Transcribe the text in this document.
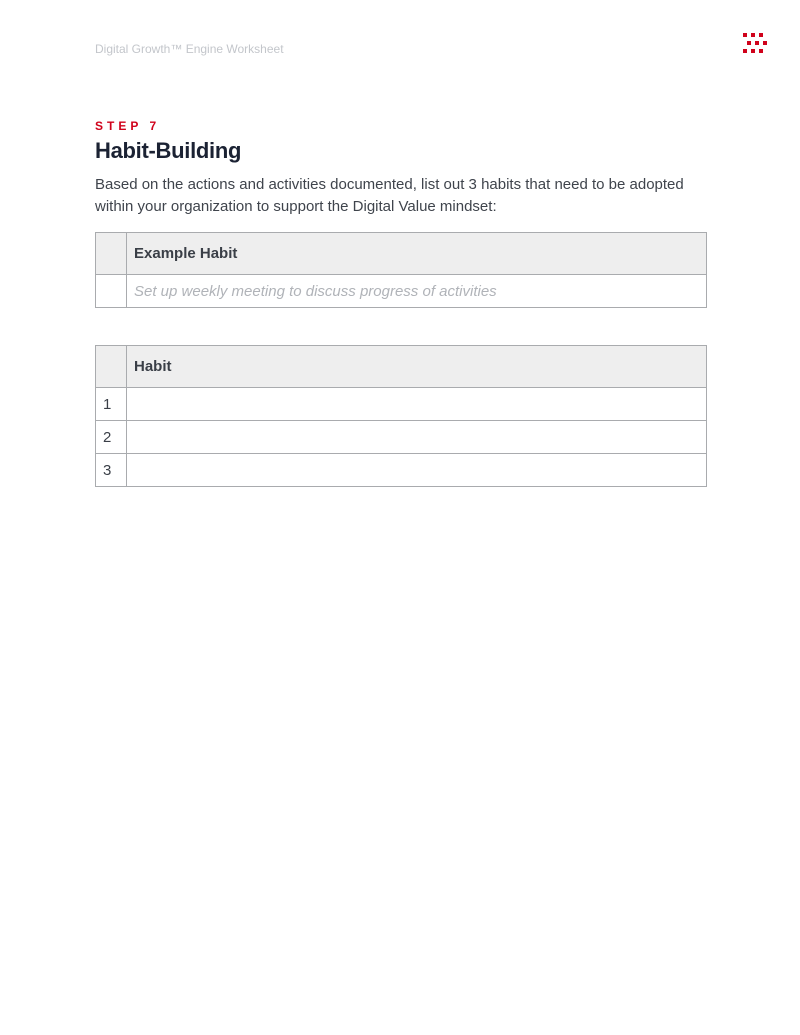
Digital Growth™ Engine Worksheet
STEP 7
Habit-Building
Based on the actions and activities documented, list out 3 habits that need to be adopted within your organization to support the Digital Value mindset:
	Example Habit
	Set up weekly meeting to discuss progress of activities
	Habit
1	
2	
3	
